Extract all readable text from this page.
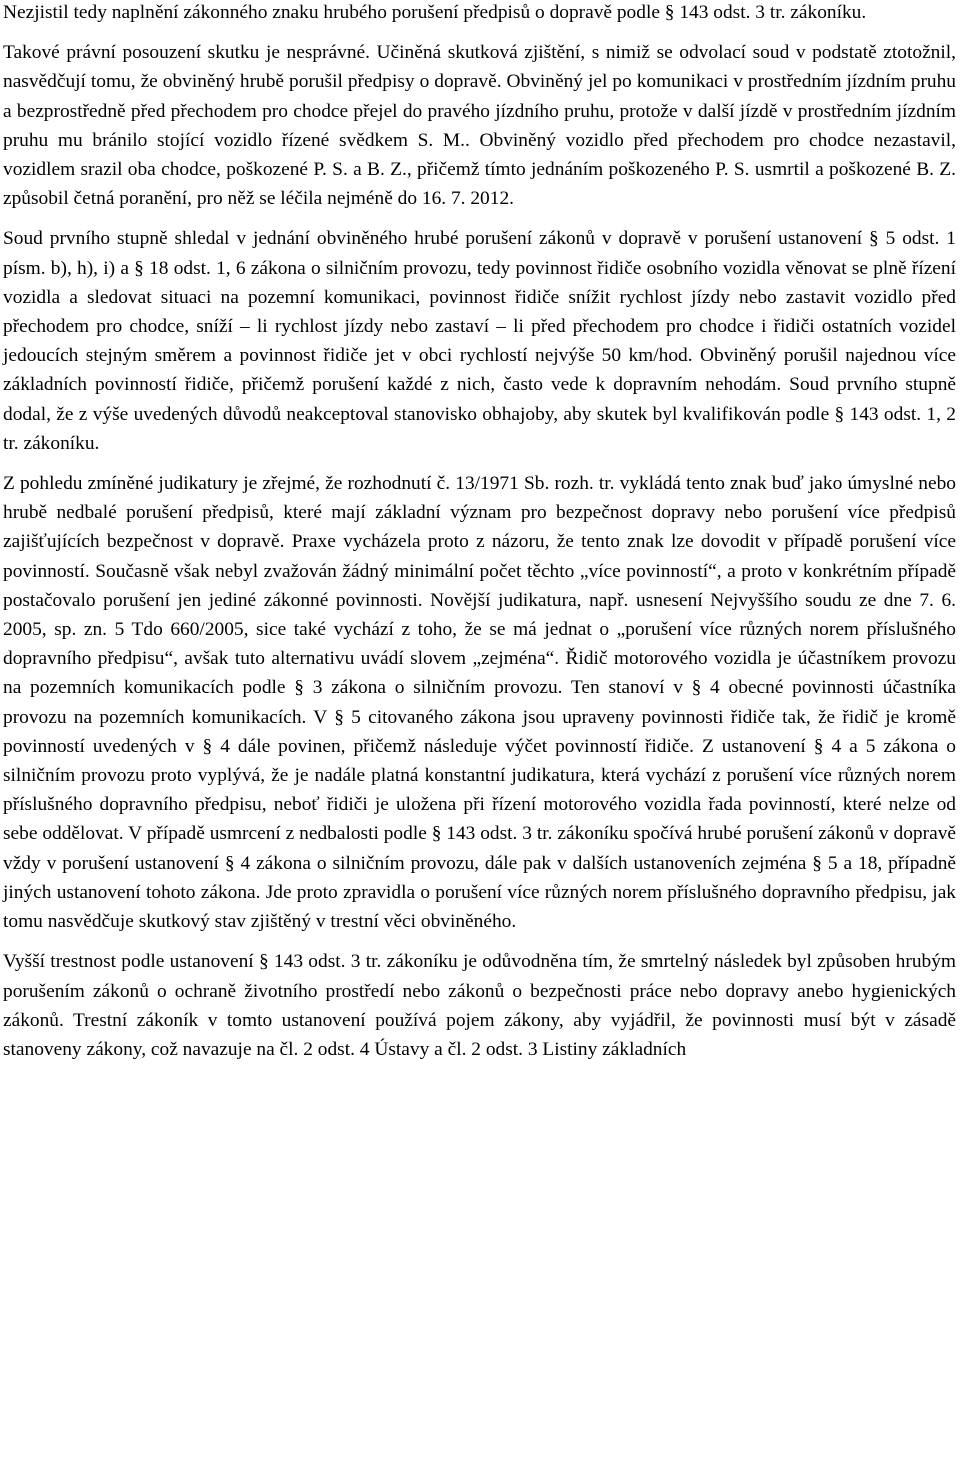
Nezjistil tedy naplnění zákonného znaku hrubého porušení předpisů o dopravě podle § 143 odst. 3 tr. zákoníku.

Takové právní posouzení skutku je nesprávné. Učiněná skutková zjištění, s nimiž se odvolací soud v podstatě ztotožnil, nasvědčují tomu, že obviněný hrubě porušil předpisy o dopravě. Obviněný jel po komunikaci v prostředním jízdním pruhu a bezprostředně před přechodem pro chodce přejel do pravého jízdního pruhu, protože v další jízdě v prostředním jízdním pruhu mu bránilo stojící vozidlo řízené svědkem S. M.. Obviněný vozidlo před přechodem pro chodce nezastavil, vozidlem srazil oba chodce, poškozené P. S. a B. Z., přičemž tímto jednáním poškozeného P. S. usmrtil a poškozené B. Z. způsobil četná poranění, pro něž se léčila nejméně do 16. 7. 2012.

Soud prvního stupně shledal v jednání obviněného hrubé porušení zákonů v dopravě v porušení ustanovení § 5 odst. 1 písm. b), h), i) a § 18 odst. 1, 6 zákona o silničním provozu, tedy povinnost řidiče osobního vozidla věnovat se plně řízení vozidla a sledovat situaci na pozemní komunikaci, povinnost řidiče snížit rychlost jízdy nebo zastavit vozidlo před přechodem pro chodce, sníží – li rychlost jízdy nebo zastaví – li před přechodem pro chodce i řidiči ostatních vozidel jedoucích stejným směrem a povinnost řidiče jet v obci rychlostí nejvýše 50 km/hod. Obviněný porušil najednou více základních povinností řidiče, přičemž porušení každé z nich, často vede k dopravním nehodám. Soud prvního stupně dodal, že z výše uvedených důvodů neakceptoval stanovisko obhajoby, aby skutek byl kvalifikován podle § 143 odst. 1, 2 tr. zákoníku.

Z pohledu zmíněné judikatury je zřejmé, že rozhodnutí č. 13/1971 Sb. rozh. tr. vykládá tento znak buď jako úmyslné nebo hrubě nedbalé porušení předpisů, které mají základní význam pro bezpečnost dopravy nebo porušení více předpisů zajišťujících bezpečnost v dopravě. Praxe vycházela proto z názoru, že tento znak lze dovodit v případě porušení více povinností. Současně však nebyl zvažován žádný minimální počet těchto „více povinností“, a proto v konkrétním případě postačovalo porušení jen jediné zákonné povinnosti. Novější judikatura, např. usnesení Nejvyššího soudu ze dne 7. 6. 2005, sp. zn. 5 Tdo 660/2005, sice také vychází z toho, že se má jednat o „porušení více různých norem příslušného dopravního předpisu“, avšak tuto alternativu uvádí slovem „zejména“. Řidič motorového vozidla je účastníkem provozu na pozemních komunikacích podle § 3 zákona o silničním provozu. Ten stanoví v § 4 obecné povinnosti účastníka provozu na pozemních komunikacích. V § 5 citovaného zákona jsou upraveny povinnosti řidiče tak, že řidič je kromě povinností uvedených v § 4 dále povinen, přičemž následuje výčet povinností řidiče. Z ustanovení § 4 a 5 zákona o silničním provozu proto vyplývá, že je nadále platná konstantní judikatura, která vychází z porušení více různých norem příslušného dopravního předpisu, neboť řidiči je uložena při řízení motorového vozidla řada povinností, které nelze od sebe oddělovat. V případě usmrcení z nedbalosti podle § 143 odst. 3 tr. zákoníku spočívá hrubé porušení zákonů v dopravě vždy v porušení ustanovení § 4 zákona o silničním provozu, dále pak v dalších ustanoveních zejména § 5 a 18, případně jiných ustanovení tohoto zákona. Jde proto zpravidla o porušení více různých norem příslušného dopravního předpisu, jak tomu nasvědčuje skutkový stav zjištěný v trestní věci obviněného.

Vyšší trestnost podle ustanovení § 143 odst. 3 tr. zákoníku je odůvodněna tím, že smrtelný následek byl způsoben hrubým porušením zákonů o ochraně životního prostředí nebo zákonů o bezpečnosti práce nebo dopravy anebo hygienických zákonů. Trestní zákoník v tomto ustanovení používá pojem zákony, aby vyjádřil, že povinnosti musí být v zásadě stanoveny zákony, což navazuje na čl. 2 odst. 4 Ústavy a čl. 2 odst. 3 Listiny základních
